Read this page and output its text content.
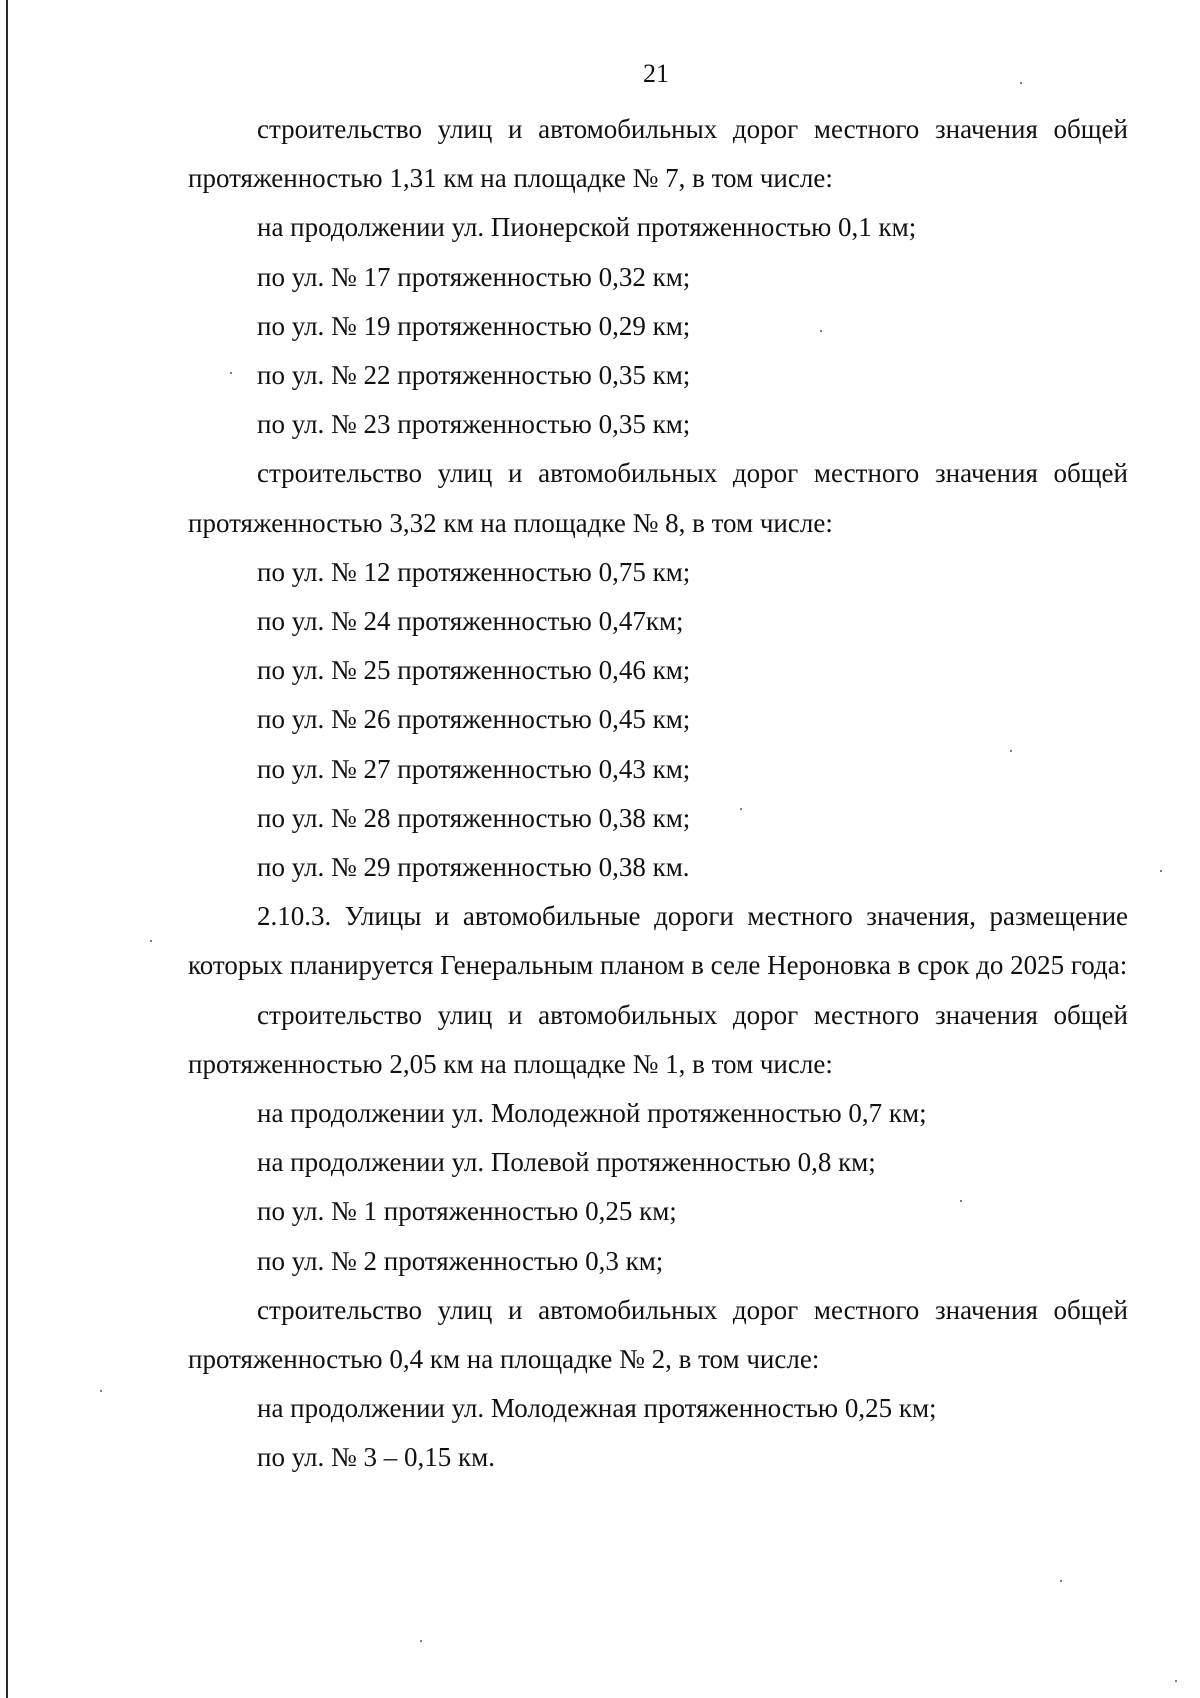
21

строительство улиц и автомобильных дорог местного значения общей протяженностью 1,31 км на площадке № 7, в том числе:

на продолжении ул. Пионерской протяженностью 0,1 км;

по ул. № 17 протяженностью 0,32 км;

по ул. № 19 протяженностью 0,29 км;

по ул. № 22 протяженностью 0,35 км;

по ул. № 23 протяженностью 0,35 км;

строительство улиц и автомобильных дорог местного значения общей протяженностью 3,32 км на площадке № 8, в том числе:

по ул. № 12 протяженностью 0,75 км;

по ул. № 24 протяженностью 0,47км;

по ул. № 25 протяженностью 0,46 км;

по ул. № 26 протяженностью 0,45 км;

по ул. № 27 протяженностью 0,43 км;

по ул. № 28 протяженностью 0,38 км;

по ул. № 29 протяженностью 0,38 км.

2.10.3. Улицы и автомобильные дороги местного значения, размещение которых планируется Генеральным планом в селе Нероновка в срок до 2025 года:

строительство улиц и автомобильных дорог местного значения общей протяженностью 2,05 км на площадке № 1, в том числе:

на продолжении ул. Молодежной протяженностью 0,7 км;

на продолжении ул. Полевой протяженностью 0,8 км;

по ул. № 1 протяженностью 0,25 км;

по ул. № 2 протяженностью 0,3 км;

строительство улиц и автомобильных дорог местного значения общей протяженностью 0,4 км на площадке № 2, в том числе:

на продолжении ул. Молодежная протяженностью 0,25 км;

по ул. № 3 – 0,15 км.
